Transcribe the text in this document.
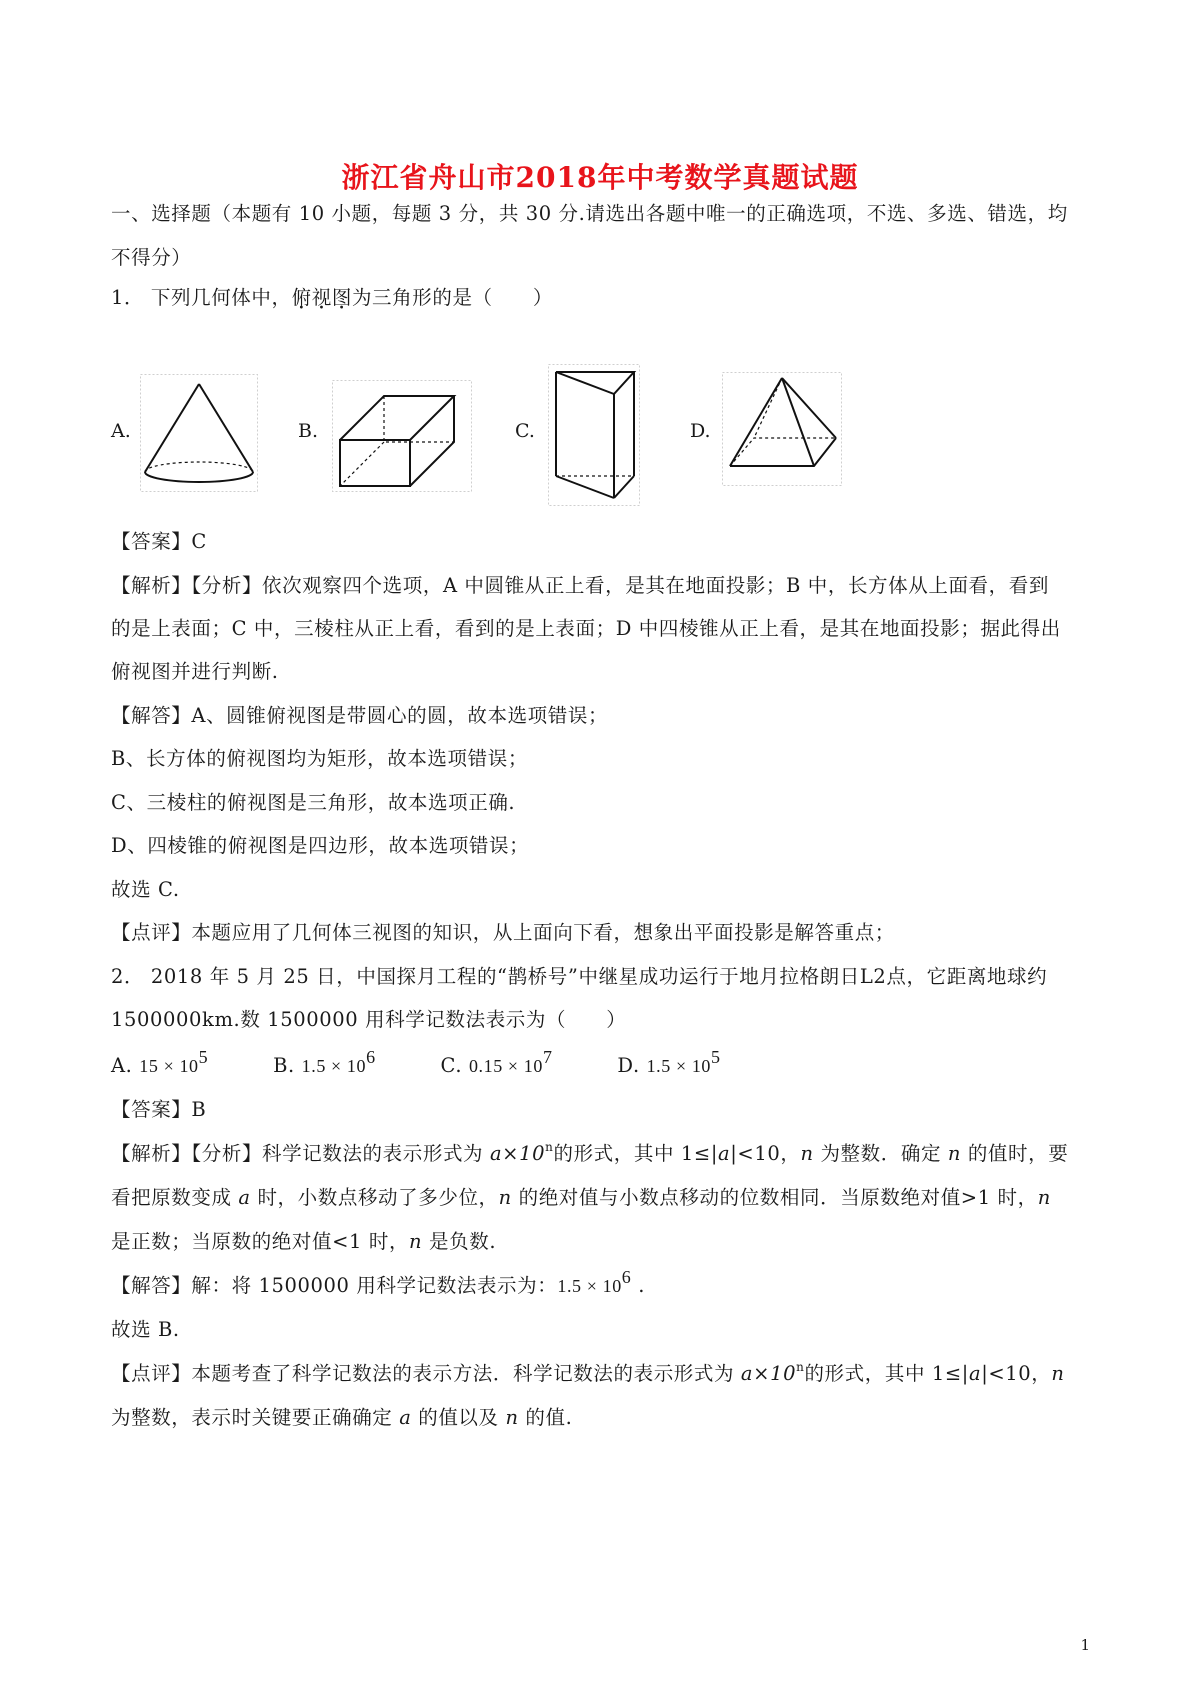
浙江省舟山市2018年中考数学真题试题
一、选择题（本题有 10 小题，每题 3 分，共 30 分.请选出各题中唯一的正确选项，不选、多选、错选，均
不得分）
1． 下列几何体中，俯视图为三角形的是（　　）
A.	B.	C.	D.
【答案】C
【解析】【分析】依次观察四个选项，A 中圆锥从正上看，是其在地面投影；B 中，长方体从上面看，看到
的是上表面；C 中，三棱柱从正上看，看到的是上表面；D 中四棱锥从正上看，是其在地面投影；据此得出
俯视图并进行判断.
【解答】A、圆锥俯视图是带圆心的圆，故本选项错误；
B、长方体的俯视图均为矩形，故本选项错误；
C、三棱柱的俯视图是三角形，故本选项正确.
D、四棱锥的俯视图是四边形，故本选项错误；
故选 C.
【点评】本题应用了几何体三视图的知识，从上面向下看，想象出平面投影是解答重点；
2． 2018 年 5 月 25 日，中国探月工程的“鹊桥号”中继星成功运行于地月拉格朗日L2点，它距离地球约
1500000km.数 1500000 用科学记数法表示为（　　）
A. 15 × 105	B. 1.5 × 106	C. 0.15 × 107	D. 1.5 × 105
【答案】B
【解析】【分析】科学记数法的表示形式为 $a\times 10^n$的形式，其中 1≤|a|<10，n 为整数．确定 n 的值时，要
看把原数变成 a 时，小数点移动了多少位，n 的绝对值与小数点移动的位数相同．当原数绝对值>1 时，n
是正数；当原数的绝对值<1 时，n 是负数.
【解答】解：将 1500000 用科学记数法表示为：1.5 × 106 .
故选 B.
【点评】本题考查了科学记数法的表示方法．科学记数法的表示形式为 $a\times 10^n$的形式，其中 1≤|a|<10，n
为整数，表示时关键要正确确定 a 的值以及 n 的值.
1
